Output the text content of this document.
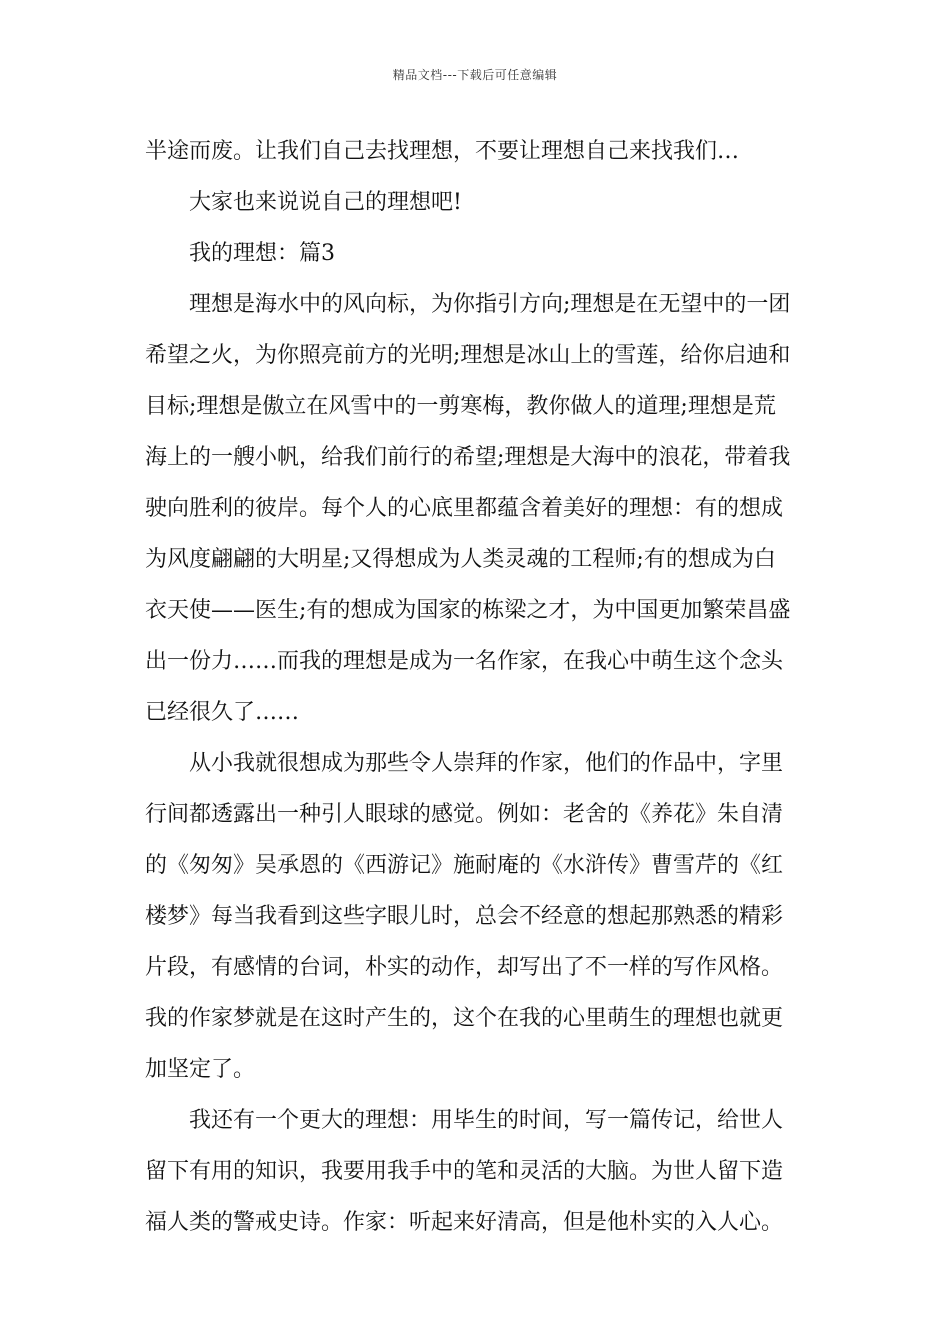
精品文档---下载后可任意编辑
半途而废。让我们自己去找理想，不要让理想自己来找我们…
大家也来说说自己的理想吧!
我的理想：篇3
理想是海水中的风向标，为你指引方向;理想是在无望中的一团
希望之火，为你照亮前方的光明;理想是冰山上的雪莲，给你启迪和
目标;理想是傲立在风雪中的一剪寒梅，教你做人的道理;理想是荒
海上的一艘小帆，给我们前行的希望;理想是大海中的浪花，带着我
驶向胜利的彼岸。每个人的心底里都蕴含着美好的理想：有的想成
为风度翩翩的大明星;又得想成为人类灵魂的工程师;有的想成为白
衣天使——医生;有的想成为国家的栋梁之才，为中国更加繁荣昌盛
出一份力……而我的理想是成为一名作家，在我心中萌生这个念头
已经很久了……
从小我就很想成为那些令人崇拜的作家，他们的作品中，字里
行间都透露出一种引人眼球的感觉。例如：老舍的《养花》朱自清
的《匆匆》吴承恩的《西游记》施耐庵的《水浒传》曹雪芹的《红
楼梦》每当我看到这些字眼儿时，总会不经意的想起那熟悉的精彩
片段，有感情的台词，朴实的动作，却写出了不一样的写作风格。
我的作家梦就是在这时产生的，这个在我的心里萌生的理想也就更
加坚定了。
我还有一个更大的理想：用毕生的时间，写一篇传记，给世人
留下有用的知识，我要用我手中的笔和灵活的大脑。为世人留下造
福人类的警戒史诗。作家：听起来好清高，但是他朴实的入人心。
